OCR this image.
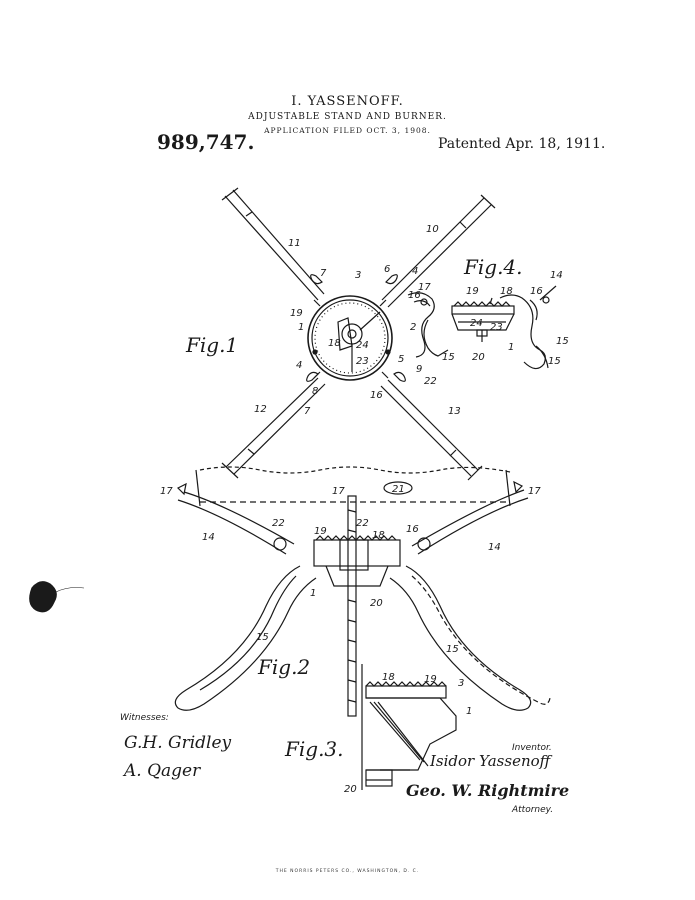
I. YASSENOFF.
ADJUSTABLE STAND AND BURNER.
APPLICATION FILED OCT. 3, 1908.
989,747.	Patented Apr. 18, 1911.
Fig.1
Fig.4.
Fig.2
Fig.3.
11
10
7	3
6 4
19
1	2
18 24
23
4
5
9
8
22
12	7
16
13
14
17
16	19 18 16
24 23
15
15 20
1
15
17	17	21	17
22
19
22
18
16
14
14
1
20
15
15
18	19 3
1
20
Witnesses:
G.H. Gridley
A. Qager
Inventor.
Isidor Yassenoff
Geo. W. Rightmire
Attorney.
THE NORRIS PETERS CO., WASHINGTON, D. C.
